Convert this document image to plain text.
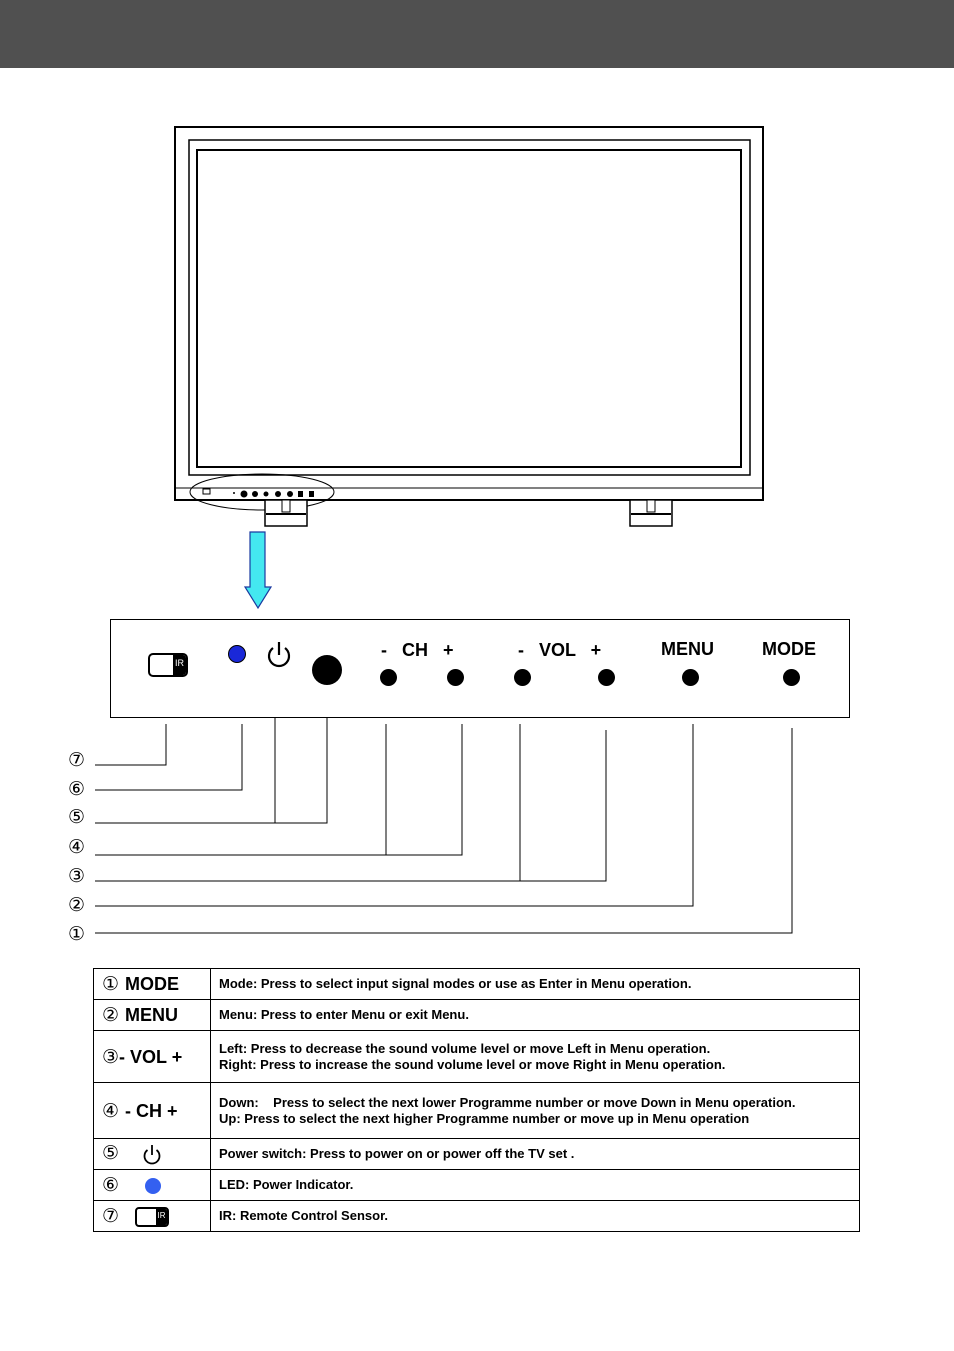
IR
-   CH   +	-   VOL   +	MENU	MODE
⑦
⑥
⑤
④
③
②
①
① MODE	Mode: Press to select input signal modes or use as Enter in Menu operation.
② MENU	Menu: Press to enter Menu or exit Menu.
③- VOL +	Left: Press to decrease the sound volume level or move Left in Menu operation.
Right: Press to increase the sound volume level or move Right in Menu operation.

④ - CH +	Down:    Press to select the next lower Programme number or move Down in Menu operation.
Up: Press to select the next higher Programme number or move up in Menu operation

⑤	Power switch: Press to power on or power off the TV set .
⑥	LED: Power Indicator.
⑦ IR	IR: Remote Control Sensor.
